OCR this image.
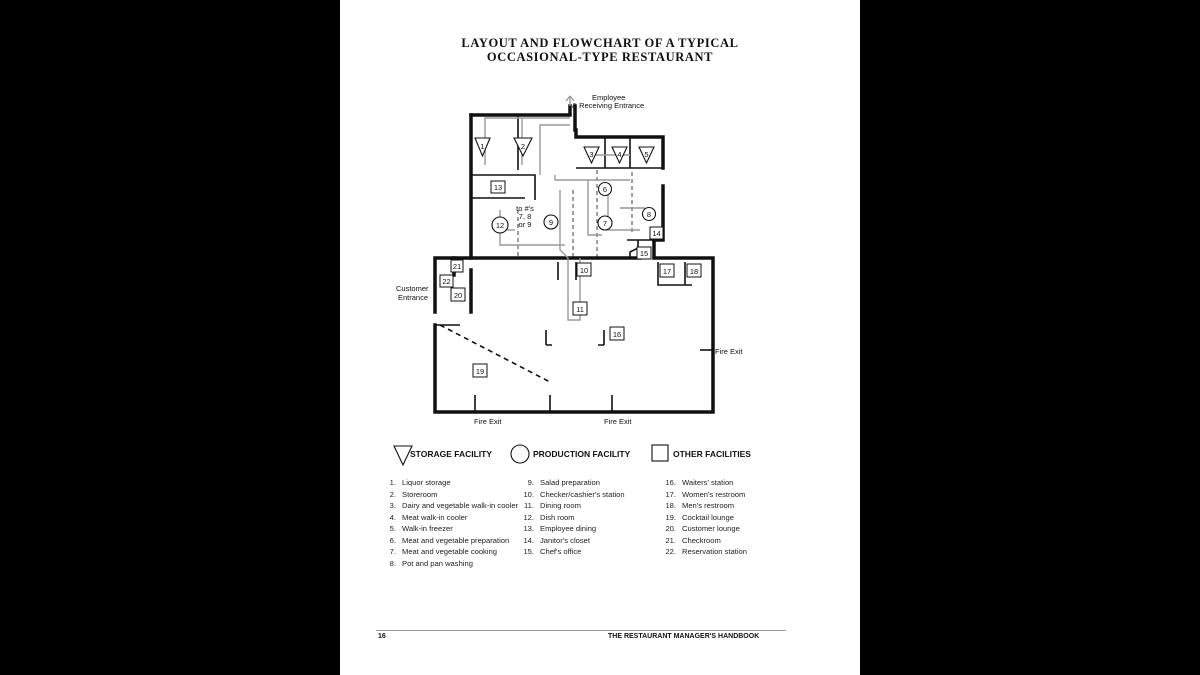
LAYOUT AND FLOWCHART OF A TYPICAL
OCCASIONAL-TYPE RESTAURANT
1	2
3	4	5
6
7
8
9
12
10
11
13
14
15
16
17 18
19
20
21
22
Employee
& Receiving Entrance
Customer
Entrance
Fire Exit
Fire Exit	Fire Exit
to #'s
7, 8
or 9
STORAGE FACILITY	PRODUCTION FACILITY	OTHER FACILITIES
1. Liquor storage
2. Storeroom
3. Dairy and vegetable walk-in cooler
4. Meat walk-in cooler
5. Walk-in freezer
6. Meat and vegetable preparation
7. Meat and vegetable cooking
8. Pot and pan washing
9. Salad preparation
10. Checker/cashier's station
11. Dining room
12. Dish room
13. Employee dining
14. Janitor's closet
15. Chef's office
16. Waiters' station
17. Women's restroom
18. Men's restroom
19. Cocktail lounge
20. Customer lounge
21. Checkroom
22. Reservation station
16	THE RESTAURANT MANAGER'S HANDBOOK
